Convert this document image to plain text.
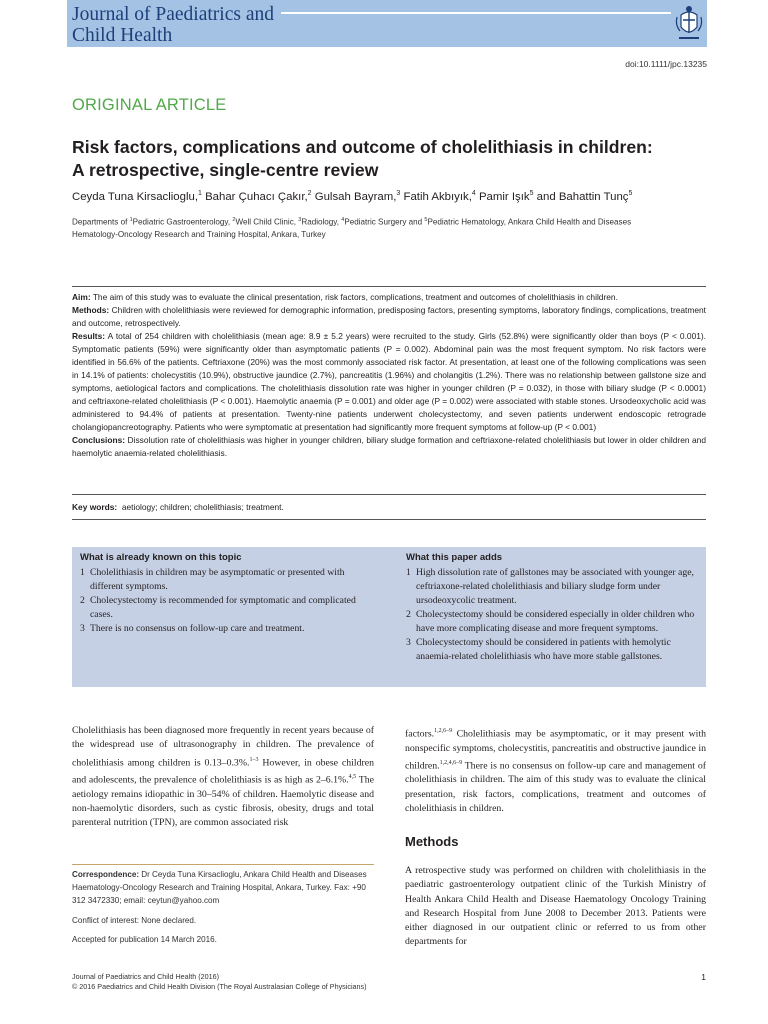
Journal of Paediatrics and
Child Health
doi:10.1111/jpc.13235
ORIGINAL ARTICLE
Risk factors, complications and outcome of cholelithiasis in children:
A retrospective, single-centre review
Ceyda Tuna Kirsaclioglu,$^1$ Bahar Çuhacı Çakır,$^2$ Gulsah Bayram,$^3$ Fatih Akbıyık,$^4$ Pamir Işık$^5$ and Bahattin Tunç$^5$
Departments of $^1$Pediatric Gastroenterology, $^2$Well Child Clinic, $^3$Radiology, $^4$Pediatric Surgery and $^5$Pediatric Hematology, Ankara Child Health and Diseases
Hematology-Oncology Research and Training Hospital, Ankara, Turkey

Aim: The aim of this study was to evaluate the clinical presentation, risk factors, complications, treatment and outcomes of cholelithiasis in children.

Methods: Children with cholelithiasis were reviewed for demographic information, predisposing factors, presenting symptoms, laboratory findings, complications, treatment and outcome, retrospectively.

Results: A total of 254 children with cholelithiasis (mean age: 8.9 ± 5.2 years) were recruited to the study. Girls (52.8%) were significantly older than boys (P < 0.001). Symptomatic patients (59%) were significantly older than asymptomatic patients (P = 0.002). Abdominal pain was the most frequent symptom. No risk factors were identified in 56.6% of the patients. Ceftriaxone (20%) was the most commonly associated risk factor. At presentation, at least one of the following complications was seen in 14.1% of patients: cholecystitis (10.9%), obstructive jaundice (2.7%), pancreatitis (1.96%) and cholangitis (1.2%). There was no relationship between gallstone size and symptoms, aetiological factors and complications. The cholelithiasis dissolution rate was higher in younger children (P = 0.032), in those with biliary sludge (P < 0.0001) and ceftriaxone-related cholelithiasis (P < 0.001). Haemolytic anaemia (P = 0.001) and older age (P = 0.002) were associated with stable stones. Ursodeoxycholic acid was administered to 94.4% of patients at presentation. Twenty-nine patients underwent cholecystectomy, and seven patients underwent endoscopic retrograde cholangiopancreotography. Patients who were symptomatic at presentation had significantly more frequent symptoms at follow-up (P < 0.001)

Conclusions: Dissolution rate of cholelithiasis was higher in younger children, biliary sludge formation and ceftriaxone-related cholelithiasis but lower in older children and haemolytic anaemia-related cholelithiasis.

Key words: aetiology; children; cholelithiasis; treatment.
What is already known on this topic
1 Cholelithiasis in children may be asymptomatic or presented with different symptoms.
2 Cholecystectomy is recommended for symptomatic and complicated cases.
3 There is no consensus on follow-up care and treatment.
What this paper adds
1 High dissolution rate of gallstones may be associated with younger age, ceftriaxone-related cholelithiasis and biliary sludge form under ursodeoxycolic treatment.
2 Cholecystectomy should be considered especially in older children who have more complicating disease and more frequent symptoms.
3 Cholecystectomy should be considered in patients with hemolytic anaemia-related cholelithiasis who have more stable gallstones.
Cholelithiasis has been diagnosed more frequently in recent years because of the widespread use of ultrasonography in children. The prevalence of cholelithiasis among children is 0.13–0.3%.$^{1-3}$ However, in obese children and adolescents, the prevalence of cholelithiasis is as high as 2–6.1%.$^{4,5}$ The aetiology remains idiopathic in 30–54% of children. Haemolytic disease and non-haemolytic disorders, such as cystic fibrosis, obesity, drugs and total parenteral nutrition (TPN), are common associated risk
factors.$^{1,2,6-9}$ Cholelithiasis may be asymptomatic, or it may present with nonspecific symptoms, cholecystitis, pancreatitis and obstructive jaundice in children.$^{1,2,4,6-9}$ There is no consensus on follow-up care and management of cholelithiasis in children. The aim of this study was to evaluate the clinical presentation, risk factors, complications, treatment and outcomes of cholelithiasis in children.
Methods
A retrospective study was performed on children with cholelithiasis in the paediatric gastroenterology outpatient clinic of the Turkish Ministry of Health Ankara Child Health and Disease Haematology Oncology Training and Research Hospital from June 2008 to December 2013. Patients were either diagnosed in our outpatient clinic or referred to us from other departments for
Correspondence: Dr Ceyda Tuna Kirsaclioglu, Ankara Child Health and Diseases Haematology-Oncology Research and Training Hospital, Ankara, Turkey. Fax: +90 312 3472330; email: ceytun@yahoo.com
Conflict of interest: None declared.
Accepted for publication 14 March 2016.
Journal of Paediatrics and Child Health (2016)
© 2016 Paediatrics and Child Health Division (The Royal Australasian College of Physicians)
1
